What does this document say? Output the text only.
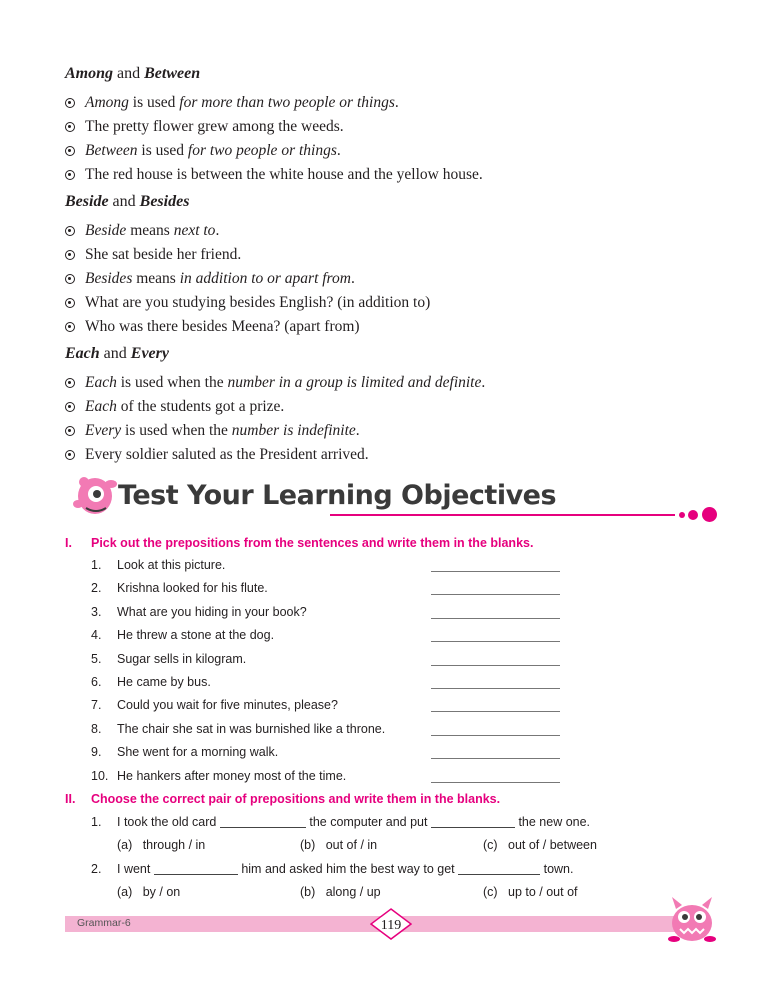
Among and Between
Among is used for more than two people or things.
The pretty flower grew among the weeds.
Between is used for two people or things.
The red house is between the white house and the yellow house.
Beside and Besides
Beside means next to.
She sat beside her friend.
Besides means in addition to or apart from.
What are you studying besides English? (in addition to)
Who was there besides Meena? (apart from)
Each and Every
Each is used when the number in a group is limited and definite.
Each of the students got a prize.
Every is used when the number is indefinite.
Every soldier saluted as the President arrived.
Test Your Learning Objectives
I. Pick out the prepositions from the sentences and write them in the blanks.
1. Look at this picture.
2. Krishna looked for his flute.
3. What are you hiding in your book?
4. He threw a stone at the dog.
5. Sugar sells in kilogram.
6. He came by bus.
7. Could you wait for five minutes, please?
8. The chair she sat in was burnished like a throne.
9. She went for a morning walk.
10. He hankers after money most of the time.
II. Choose the correct pair of prepositions and write them in the blanks.
1. I took the old card	the computer and put	the new one.
(a) through / in	(b) out of / in	(c) out of / between
2. I went	him and asked him the best way to get	town.
(a) by / on	(b) along / up	(c) up to / out of
Grammar-6	119
